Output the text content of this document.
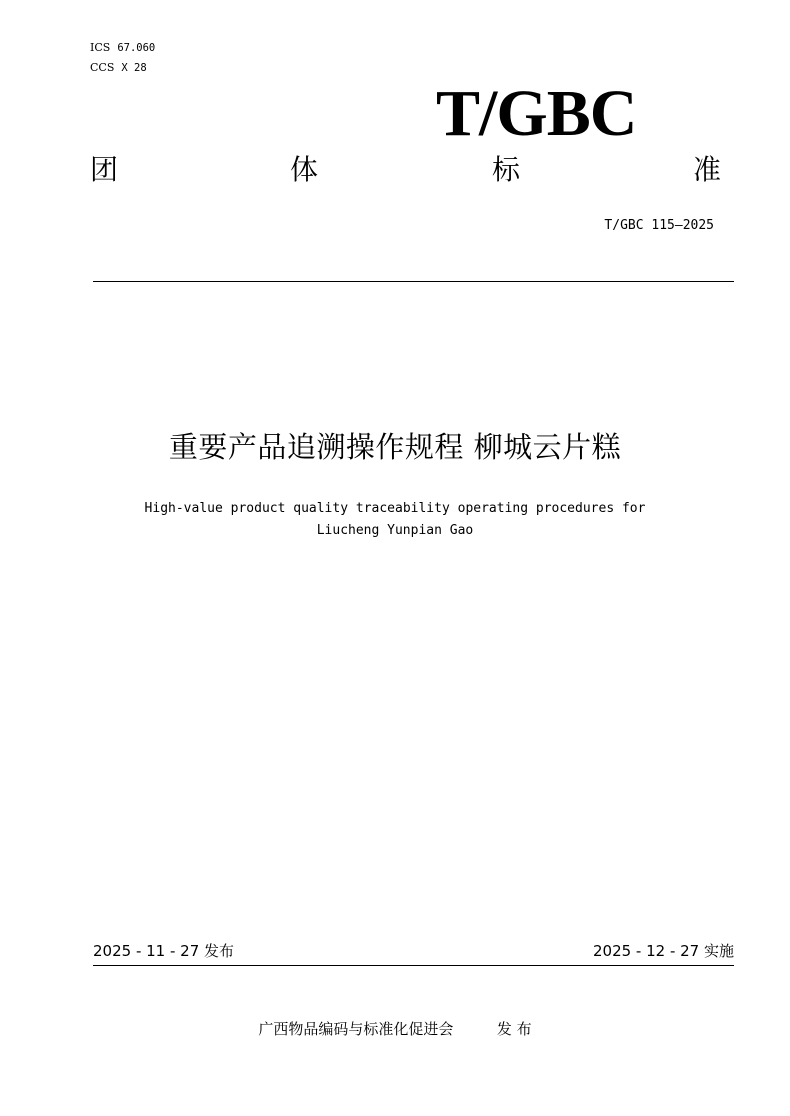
ICS 67.060
CCS X 28
T/GBC
团	体	标	准
T/GBC 115—2025
重要产品追溯操作规程 柳城云片糕
High-value product quality traceability operating procedures for
Liucheng Yunpian Gao
2025 - 11 - 27 发布	2025 - 12 - 27 实施
广西物品编码与标准化促进会	发 布
